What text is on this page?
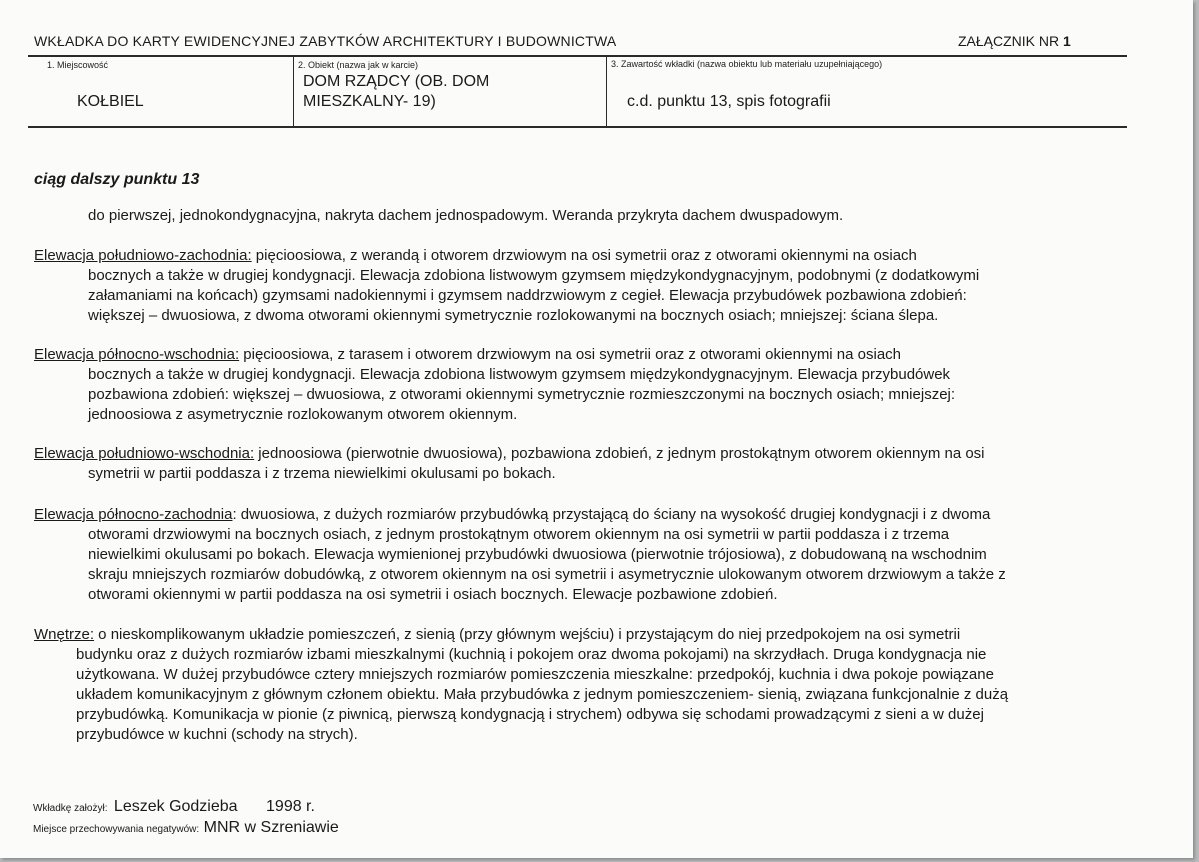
WKŁADKA DO KARTY EWIDENCYJNEJ ZABYTKÓW ARCHITEKTURY I BUDOWNICTWA	ZAŁĄCZNIK NR 1
1. Miejscowość
KOŁBIEL
2. Obiekt (nazwa jak w karcie)
DOM RZĄDCY (OB. DOM
MIESZKALNY- 19)
3. Zawartość wkładki (nazwa obiektu lub materiału uzupełniającego)
c.d. punktu 13, spis fotografii
ciąg dalszy punktu 13
do pierwszej, jednokondygnacyjna, nakryta dachem jednospadowym. Weranda przykryta dachem dwuspadowym.
Elewacja południowo-zachodnia: pięcioosiowa, z werandą i otworem drzwiowym na osi symetrii oraz z otworami okiennymi na osiach
bocznych a także w drugiej kondygnacji. Elewacja zdobiona listwowym gzymsem międzykondygnacyjnym, podobnymi (z dodatkowymi
załamaniami na końcach) gzymsami nadokiennymi i gzymsem naddrzwiowym z cegieł. Elewacja przybudówek pozbawiona zdobień:
większej – dwuosiowa, z dwoma otworami okiennymi symetrycznie rozlokowanymi na bocznych osiach; mniejszej: ściana ślepa.
Elewacja północno-wschodnia: pięcioosiowa, z tarasem i otworem drzwiowym na osi symetrii oraz z otworami okiennymi na osiach
bocznych a także w drugiej kondygnacji. Elewacja zdobiona listwowym gzymsem międzykondygnacyjnym. Elewacja przybudówek
pozbawiona zdobień: większej – dwuosiowa, z otworami okiennymi symetrycznie rozmieszczonymi na bocznych osiach; mniejszej:
jednoosiowa z asymetrycznie rozlokowanym otworem okiennym.
Elewacja południowo-wschodnia: jednoosiowa (pierwotnie dwuosiowa), pozbawiona zdobień, z jednym prostokątnym otworem okiennym na osi
symetrii w partii poddasza i z trzema niewielkimi okulusami po bokach.
Elewacja północno-zachodnia: dwuosiowa, z dużych rozmiarów przybudówką przystającą do ściany na wysokość drugiej kondygnacji i z dwoma
otworami drzwiowymi na bocznych osiach, z jednym prostokątnym otworem okiennym na osi symetrii w partii poddasza i z trzema
niewielkimi okulusami po bokach. Elewacja wymienionej przybudówki dwuosiowa (pierwotnie trójosiowa), z dobudowaną na wschodnim
skraju mniejszych rozmiarów dobudówką, z otworem okiennym na osi symetrii i asymetrycznie ulokowanym otworem drzwiowym a także z
otworami okiennymi w partii poddasza na osi symetrii i osiach bocznych. Elewacje pozbawione zdobień.
Wnętrze: o nieskomplikowanym układzie pomieszczeń, z sienią (przy głównym wejściu) i przystającym do niej przedpokojem na osi symetrii
budynku oraz z dużych rozmiarów izbami mieszkalnymi (kuchnią i pokojem oraz dwoma pokojami) na skrzydłach. Druga kondygnacja nie
użytkowana. W dużej przybudówce cztery mniejszych rozmiarów pomieszczenia mieszkalne: przedpokój, kuchnia i dwa pokoje powiązane
układem komunikacyjnym z głównym członem obiektu. Mała przybudówka z jednym pomieszczeniem- sienią, związana funkcjonalnie z dużą
przybudówką. Komunikacja w pionie (z piwnicą, pierwszą kondygnacją i strychem) odbywa się schodami prowadzącymi z sieni a w dużej
przybudówce w kuchni (schody na strych).
Wkładkę założył: Leszek Godzieba 1998 r.
Miejsce przechowywania negatywów: MNR w Szreniawie
